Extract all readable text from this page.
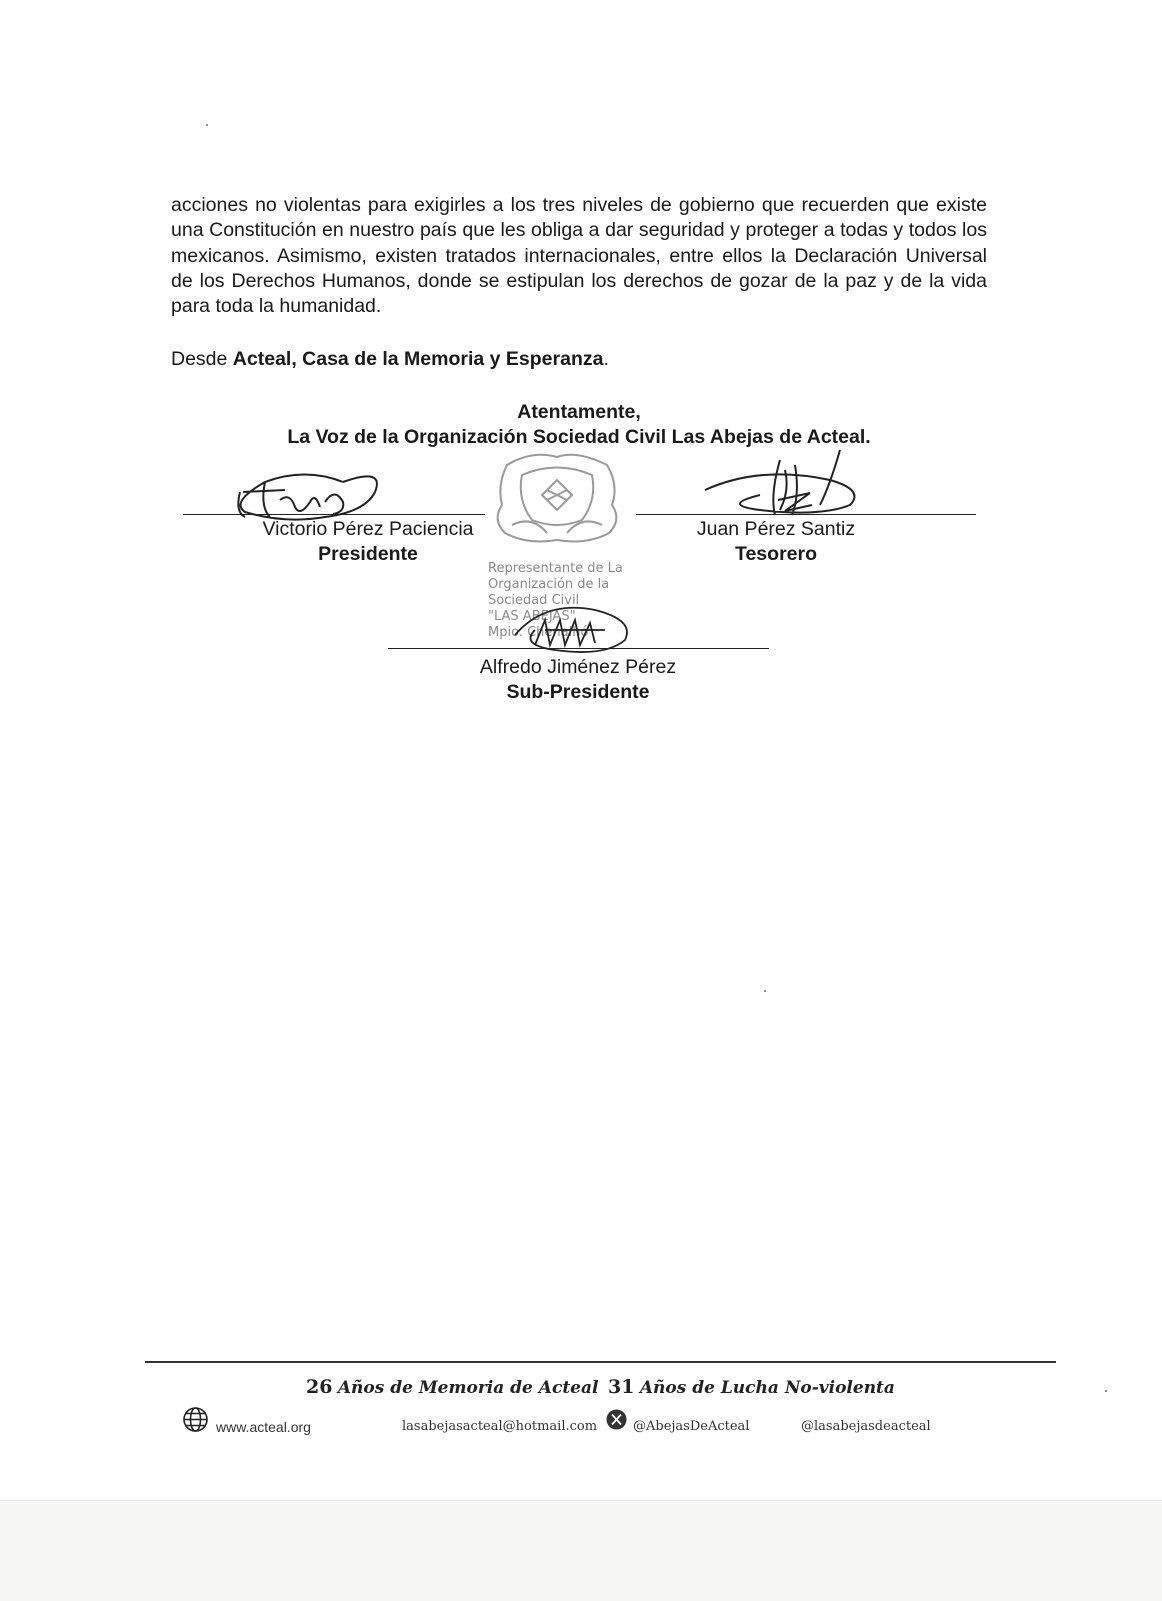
acciones no violentas para exigirles a los tres niveles de gobierno que recuerden que existe una Constitución en nuestro país que les obliga a dar seguridad y proteger a todas y todos los mexicanos. Asimismo, existen tratados internacionales, entre ellos la Declaración Universal de los Derechos Humanos, donde se estipulan los derechos de gozar de la paz y de la vida para toda la humanidad.

Desde Acteal, Casa de la Memoria y Esperanza.
Atentamente,
La Voz de la Organización Sociedad Civil Las Abejas de Acteal.
Victorio Pérez Paciencia
Presidente
Juan Pérez Santiz
Tesorero
Representante de La
Organización de la
Sociedad Civil
"LAS ABEJAS"
Mpio. Chenalhó
Alfredo Jiménez Pérez
Sub-Presidente
26 Años de Memoria de Acteal 31 Años de Lucha No-violenta
www.acteal.org	lasabejasacteal@hotmail.com	@AbejasDeActeal	@lasabejasdeacteal
